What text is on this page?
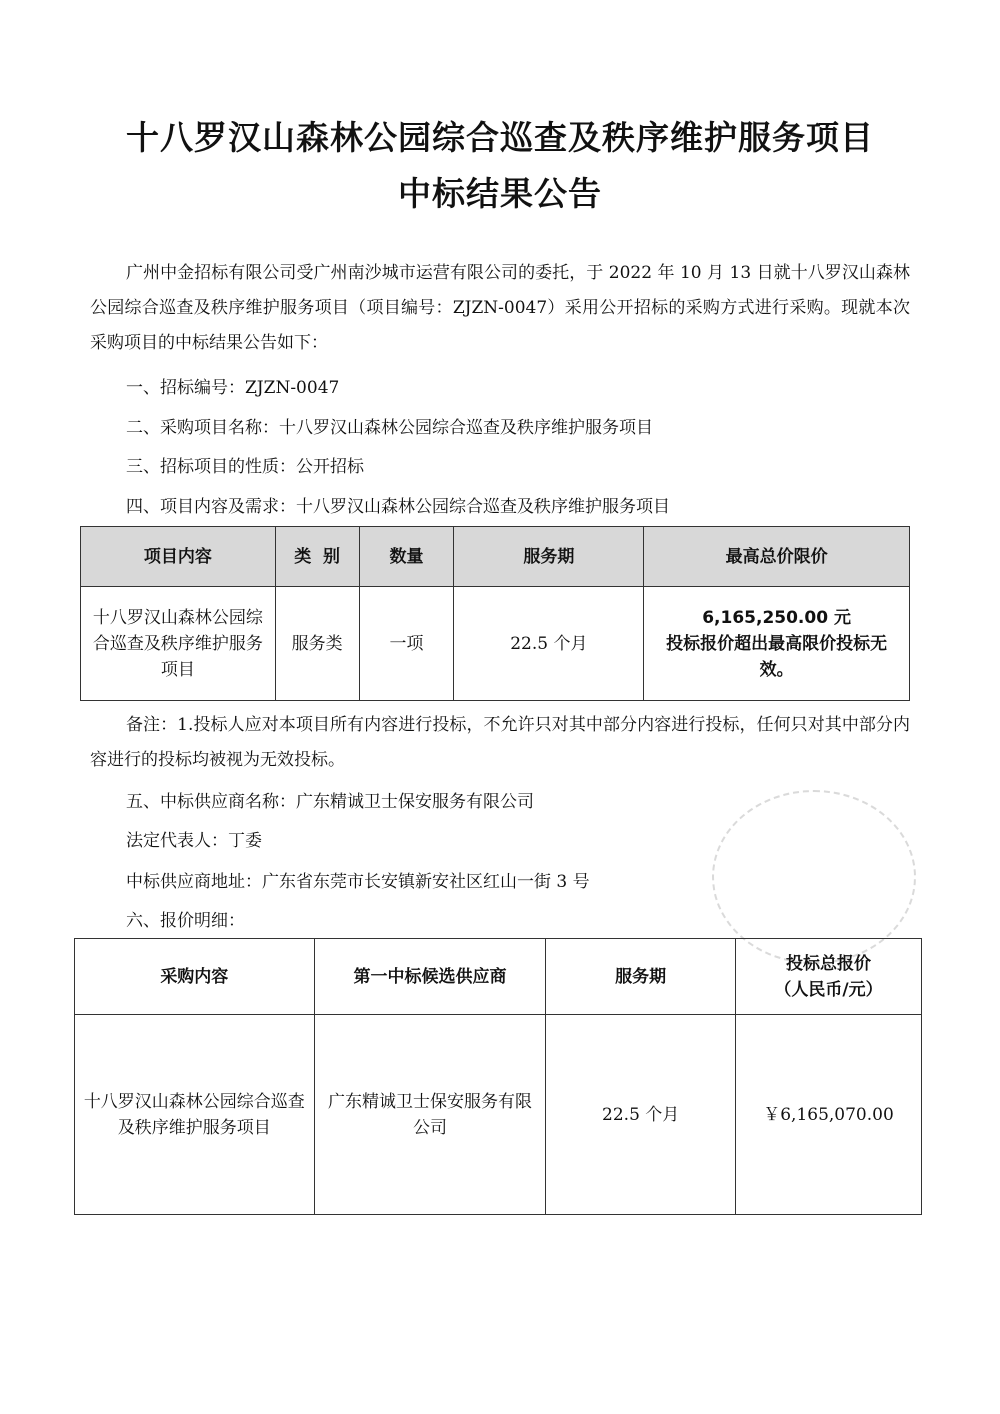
十八罗汉山森林公园综合巡查及秩序维护服务项目
中标结果公告

广州中金招标有限公司受广州南沙城市运营有限公司的委托，于 2022 年 10 月 13 日就十八罗汉山森林公园综合巡查及秩序维护服务项目（项目编号：ZJZN-0047）采用公开招标的采购方式进行采购。现就本次采购项目的中标结果公告如下：

一、招标编号：ZJZN-0047
二、采购项目名称：十八罗汉山森林公园综合巡查及秩序维护服务项目
三、招标项目的性质：公开招标
四、项目内容及需求：十八罗汉山森林公园综合巡查及秩序维护服务项目
项目内容	类  别	数量	服务期	最高总价限价
十八罗汉山森林公园综合巡查及秩序维护服务项目	服务类	一项	22.5 个月	6,165,250.00 元
投标报价超出最高限价投标无效。

备注：1.投标人应对本项目所有内容进行投标，不允许只对其中部分内容进行投标，任何只对其中部分内容进行的投标均被视为无效投标。

五、中标供应商名称：广东精诚卫士保安服务有限公司
法定代表人：丁委
中标供应商地址：广东省东莞市长安镇新安社区红山一街 3 号
六、报价明细：
采购内容	第一中标候选供应商	服务期	投标总报价
（人民币/元）

十八罗汉山森林公园综合巡查及秩序维护服务项目	广东精诚卫士保安服务有限公司	22.5 个月	￥6,165,070.00
